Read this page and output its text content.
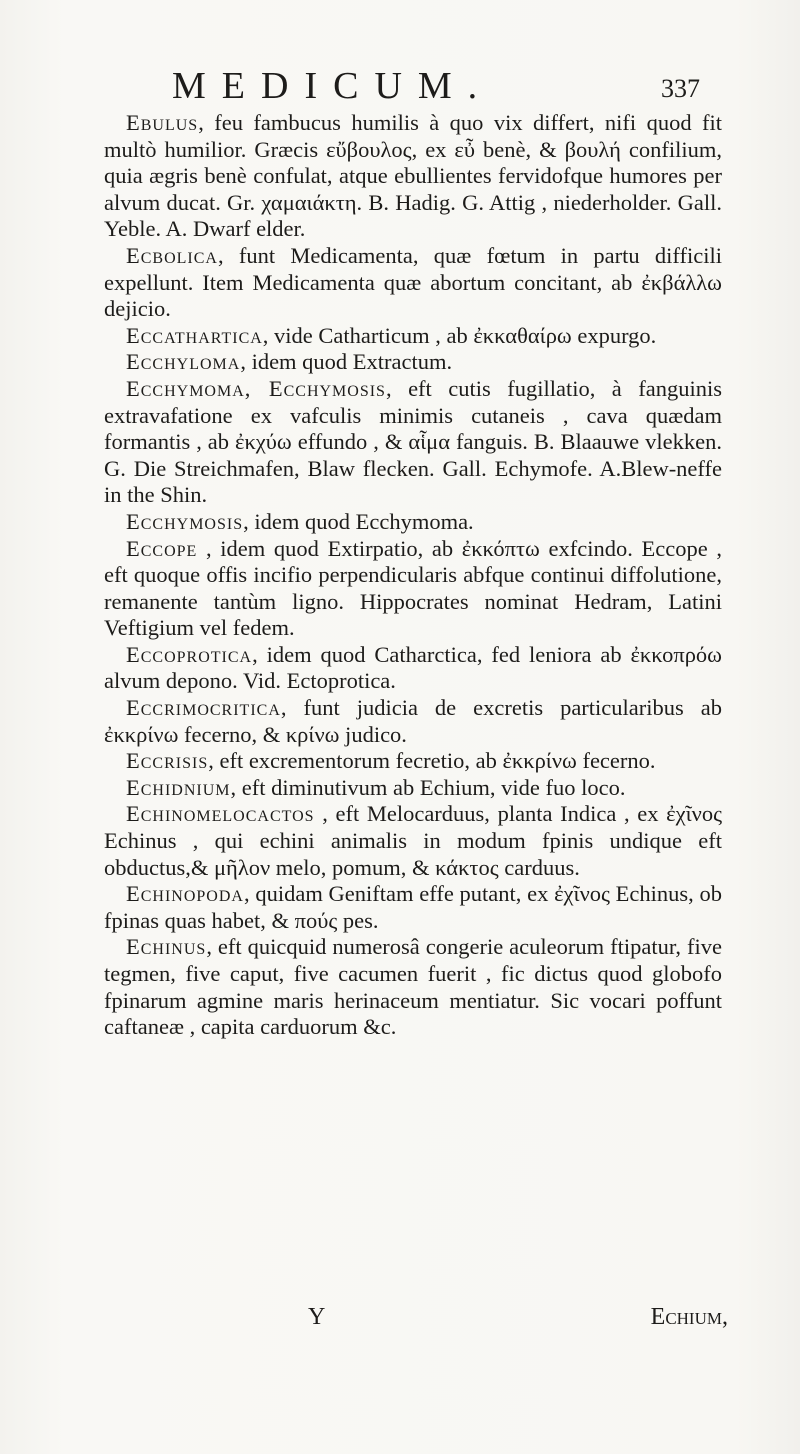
MEDICUM.	337

Ebulus, feu fambucus humilis à quo vix differt, nifi quod fit multò humilior. Græcis εὔβουλος, ex εὖ benè, & βουλή confilium, quia ægris benè confulat, atque ebullientes fervidofque humores per alvum ducat. Gr. χαμαιάκτη. B. Hadig. G. Attig , niederholder. Gall. Yeble. A. Dwarf elder.

Ecbolica, funt Medicamenta, quæ fœtum in partu difficili expellunt. Item Medicamenta quæ abortum concitant, ab ἐκβάλλω dejicio.

Eccathartica, vide Catharticum , ab ἐκκαθαίρω expurgo.

Ecchyloma, idem quod Extractum.

Ecchymoma, Ecchymosis, eft cutis fugillatio, à fanguinis extravafatione ex vafculis minimis cutaneis , cava quædam formantis , ab ἐκχύω effundo , & αἷμα fanguis. B. Blaauwe vlekken. G. Die Streichmafen, Blaw flecken. Gall. Echymofe. A.Blew-neffe in the Shin.

Ecchymosis, idem quod Ecchymoma.

Eccope , idem quod Extirpatio, ab ἐκκόπτω exfcindo. Eccope , eft quoque offis incifio perpendicularis abfque continui diffolutione, remanente tantùm ligno. Hippocrates nominat Hedram, Latini Veftigium vel fedem.

Eccoprotica, idem quod Catharctica, fed leniora ab ἐκκοπρόω alvum depono. Vid. Ectoprotica.

Eccrimocritica, funt judicia de excretis particularibus ab ἐκκρίνω fecerno, & κρίνω judico.

Eccrisis, eft excrementorum fecretio, ab ἐκκρίνω fecerno.

Echidnium, eft diminutivum ab Echium, vide fuo loco.

Echinomelocactos , eft Melocarduus, planta Indica , ex ἐχῖνος Echinus , qui echini animalis in modum fpinis undique eft obductus,& μῆλον melo, pomum, & κάκτος carduus.

Echinopoda, quidam Geniftam effe putant, ex ἐχῖνος Echinus, ob fpinas quas habet, & πούς pes.

Echinus, eft quicquid numerosâ congerie aculeorum ftipatur, five tegmen, five caput, five cacumen fuerit , fic dictus quod globofo fpinarum agmine maris herinaceum mentiatur. Sic vocari poffunt caftaneæ , capita carduorum &c.

Y	Echium,
